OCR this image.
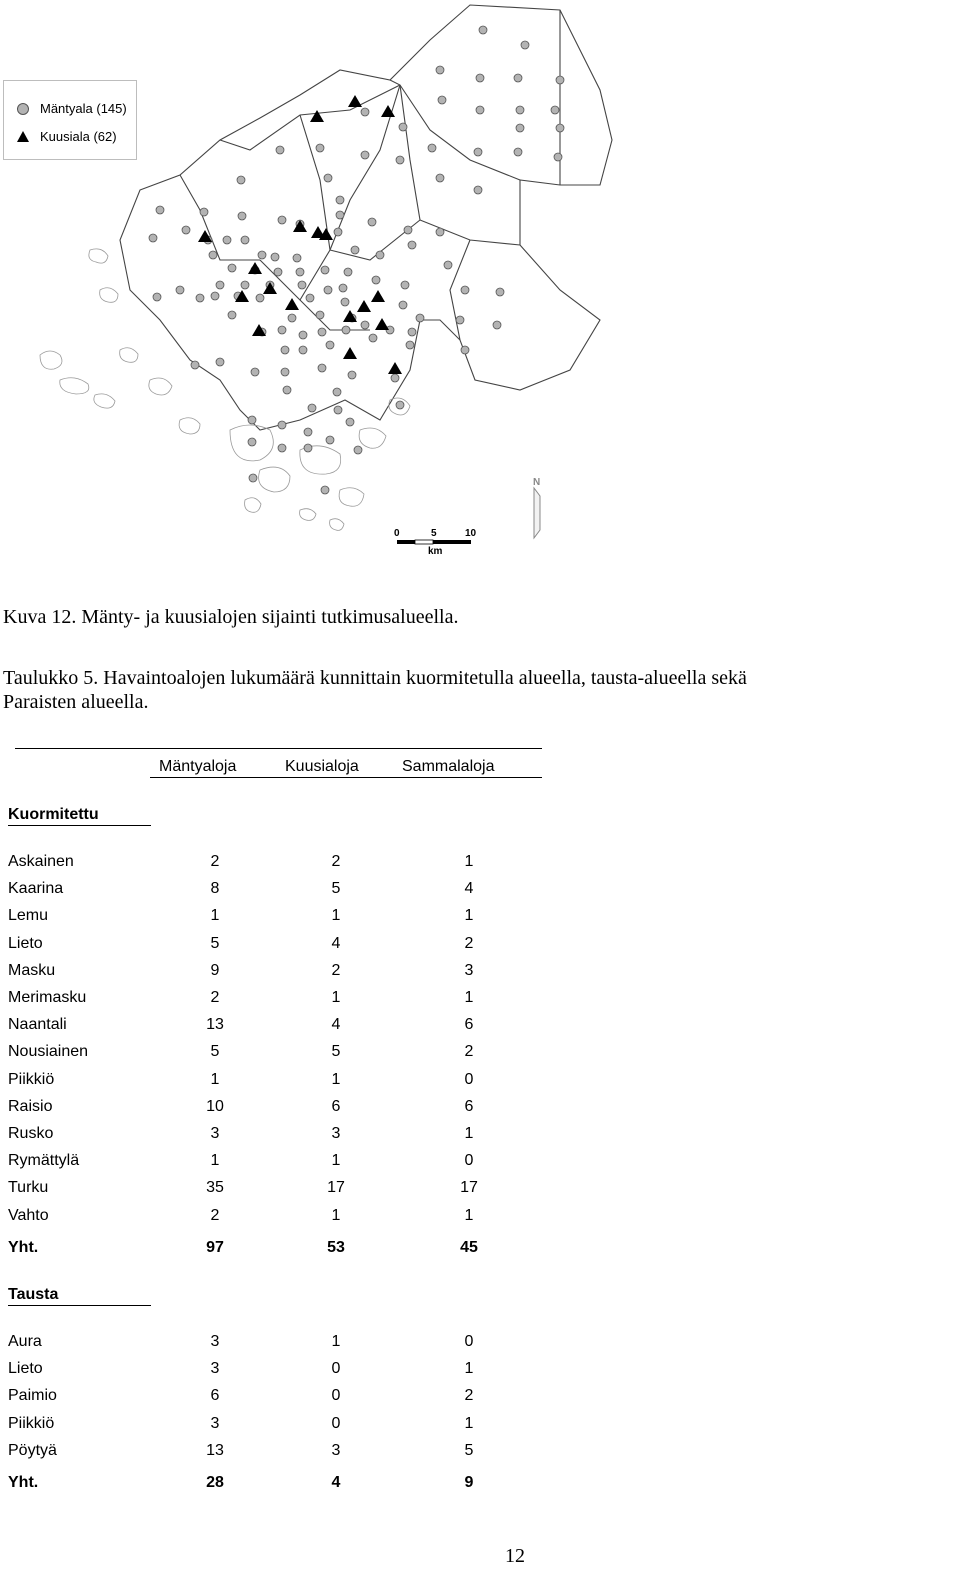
0	5	10
km
N
Mäntyala (145)
Kuusiala (62)
Kuva 12. Mänty- ja kuusialojen sijainti tutkimusalueella.
Taulukko 5. Havaintoalojen lukumäärä kunnittain kuormitetulla alueella, tausta-alueella sekä
Paraisten alueella.
Mäntyaloja	Kuusialoja	Sammalaloja
Kuormitettu
Askainen	2	2	1
Kaarina	8	5	4
Lemu	1	1	1
Lieto	5	4	2
Masku	9	2	3
Merimasku	2	1	1
Naantali	13	4	6
Nousiainen	5	5	2
Piikkiö	1	1	0
Raisio	10	6	6
Rusko	3	3	1
Rymättylä	1	1	0
Turku	35	17	17
Vahto	2	1	1
Yht.	97	53	45
Tausta
Aura	3	1	0
Lieto	3	0	1
Paimio	6	0	2
Piikkiö	3	0	1
Pöytyä	13	3	5
Yht.	28	4	9
12
